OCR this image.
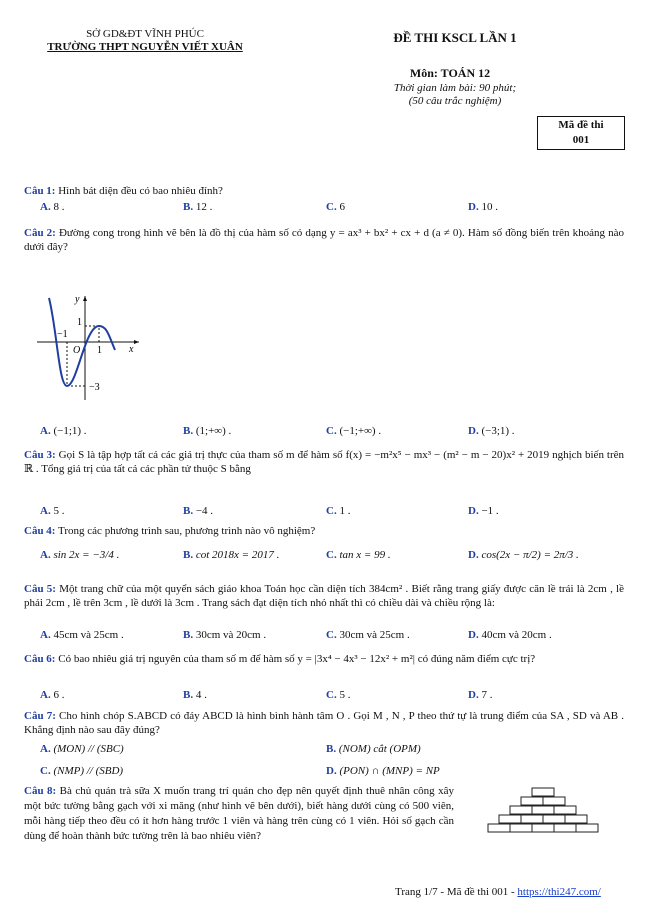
SỞ GD&ĐT VĨNH PHÚC
TRƯỜNG THPT NGUYỄN VIẾT XUÂN
ĐỀ THI KSCL LẦN 1
Môn: TOÁN 12
Thời gian làm bài: 90 phút;
(50 câu trắc nghiệm)
Mã đề thi
001
Câu 1: Hình bát diện đều có bao nhiêu đỉnh?
A. 8 .	B. 12 .	C. 6	D. 10 .
Câu 2: Đường cong trong hình vẽ bên là đồ thị của hàm số có dạng y = ax³ + bx² + cx + d (a ≠ 0). Hàm số đồng biến trên khoảng nào dưới đây?
y
x
O
−1
1
1
−3
A. (−1;1) .	B. (1;+∞) .	C. (−1;+∞) .	D. (−3;1) .
Câu 3: Gọi S là tập hợp tất cả các giá trị thực của tham số m để hàm số f(x) = −m²x⁵ − mx³ − (m² − m − 20)x² + 2019 nghịch biến trên ℝ . Tổng giá trị của tất cả các phần tử thuộc S bằng
A. 5 .	B. −4 .	C. 1 .	D. −1 .
Câu 4: Trong các phương trình sau, phương trình nào vô nghiệm?
A. sin 2x = −3/4 .	B. cot 2018x = 2017 .	C. tan x = 99 .	D. cos(2x − π/2) = 2π/3 .
Câu 5: Một trang chữ của một quyển sách giáo khoa Toán học cần diện tích 384cm² . Biết rằng trang giấy được căn lề trái là 2cm , lề phải 2cm , lề trên 3cm , lề dưới là 3cm . Trang sách đạt diện tích nhỏ nhất thì có chiều dài và chiều rộng là:
A. 45cm và 25cm .	B. 30cm và 20cm .	C. 30cm và 25cm .	D. 40cm và 20cm .
Câu 6: Có bao nhiêu giá trị nguyên của tham số m để hàm số y = |3x⁴ − 4x³ − 12x² + m²| có đúng năm điểm cực trị?
A. 6 .	B. 4 .	C. 5 .	D. 7 .
Câu 7: Cho hình chóp S.ABCD có đáy ABCD là hình bình hành tâm O . Gọi M , N , P theo thứ tự là trung điểm của SA , SD và AB . Khẳng định nào sau đây đúng?
A. (MON) // (SBC)	B. (NOM) cắt (OPM)
C. (NMP) // (SBD)	D. (PON) ∩ (MNP) = NP
Câu 8: Bà chủ quán trà sữa X muốn trang trí quán cho đẹp nên quyết định thuê nhân công xây một bức tường bằng gạch với xi măng (như hình vẽ bên dưới), biết hàng dưới cùng có 500 viên, mỗi hàng tiếp theo đều có ít hơn hàng trước 1 viên và hàng trên cùng có 1 viên. Hỏi số gạch cần dùng để hoàn thành bức tường trên là bao nhiêu viên?
Trang 1/7 - Mã đề thi 001 - https://thi247.com/
